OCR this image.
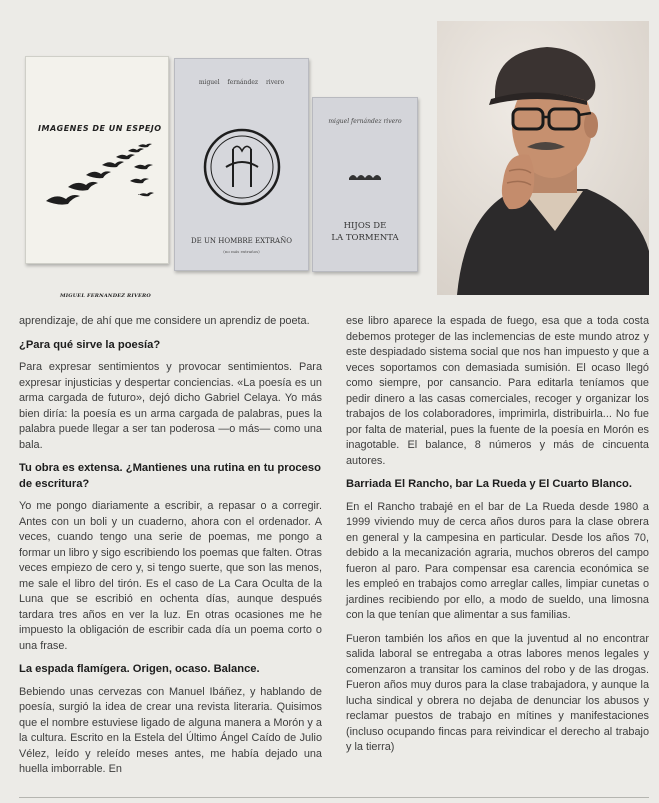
IMAGENES DE UN ESPEJO
MIGUEL FERNANDEZ RIVERO
miguel fernández rivero
DE UN HOMBRE EXTRAÑO
(no más extraños)
miguel fernández rivero
HIJOS DE
LA TORMENTA

aprendizaje, de ahí que me considere un aprendiz de poeta.

¿Para qué sirve la poesía?

Para expresar sentimientos y provocar sentimientos. Para expresar injusticias y despertar conciencias. «La poesía es un arma cargada de futuro», dejó dicho Gabriel Celaya. Yo más bien diría: la poesía es un arma cargada de palabras, pues la palabra puede llegar a ser tan poderosa —o más— como una bala.

Tu obra es extensa. ¿Mantienes una rutina en tu proceso de escritura?

Yo me pongo diariamente a escribir, a repasar o a corregir. Antes con un boli y un cuaderno, ahora con el ordenador. A veces, cuando tengo una serie de poemas, me pongo a formar un libro y sigo escribiendo los poemas que falten. Otras veces empiezo de cero y, si tengo suerte, que son las menos, me sale el libro del tirón. Es el caso de La Cara Oculta de la Luna que se escribió en ochenta días, aunque después tardara tres años en ver la luz. En otras ocasiones me he impuesto la obligación de escribir cada día un poema corto o una frase.

La espada flamígera. Origen, ocaso. Balance.

Bebiendo unas cervezas con Manuel Ibáñez, y hablando de poesía, surgió la idea de crear una revista literaria. Quisimos que el nombre estuviese ligado de alguna manera a Morón y a la cultura. Escrito en la Estela del Último Ángel Caído de Julio Vélez, leído y releído meses antes, me había dejado una huella imborrable. En

ese libro aparece la espada de fuego, esa que a toda costa debemos proteger de las inclemencias de este mundo atroz y este despiadado sistema social que nos han impuesto y que a veces soportamos con demasiada sumisión. El ocaso llegó como siempre, por cansancio. Para editarla teníamos que pedir dinero a las casas comerciales, recoger y organizar los trabajos de los colaboradores, imprimirla, distribuirla... No fue por falta de material, pues la fuente de la poesía en Morón es inagotable. El balance, 8 números y más de cincuenta autores.

Barriada El Rancho, bar La Rueda y El Cuarto Blanco.

En el Rancho trabajé en el bar de La Rueda desde 1980 a 1999 viviendo muy de cerca años duros para la clase obrera en general y la campesina en particular. Desde los años 70, debido a la mecanización agraria, muchos obreros del campo fueron al paro. Para compensar esa carencia económica se les empleó en trabajos como arreglar calles, limpiar cunetas o jardines recibiendo por ello, a modo de sueldo, una limosna con la que tenían que alimentar a sus familias.

Fueron también los años en que la juventud al no encontrar salida laboral se entregaba a otras labores menos legales y comenzaron a transitar los caminos del robo y de las drogas. Fueron años muy duros para la clase trabajadora, y aunque la lucha sindical y obrera no dejaba de denunciar los abusos y reclamar puestos de trabajo en mítines y manifestaciones (incluso ocupando fincas para reivindicar el derecho al trabajo y la tierra)
